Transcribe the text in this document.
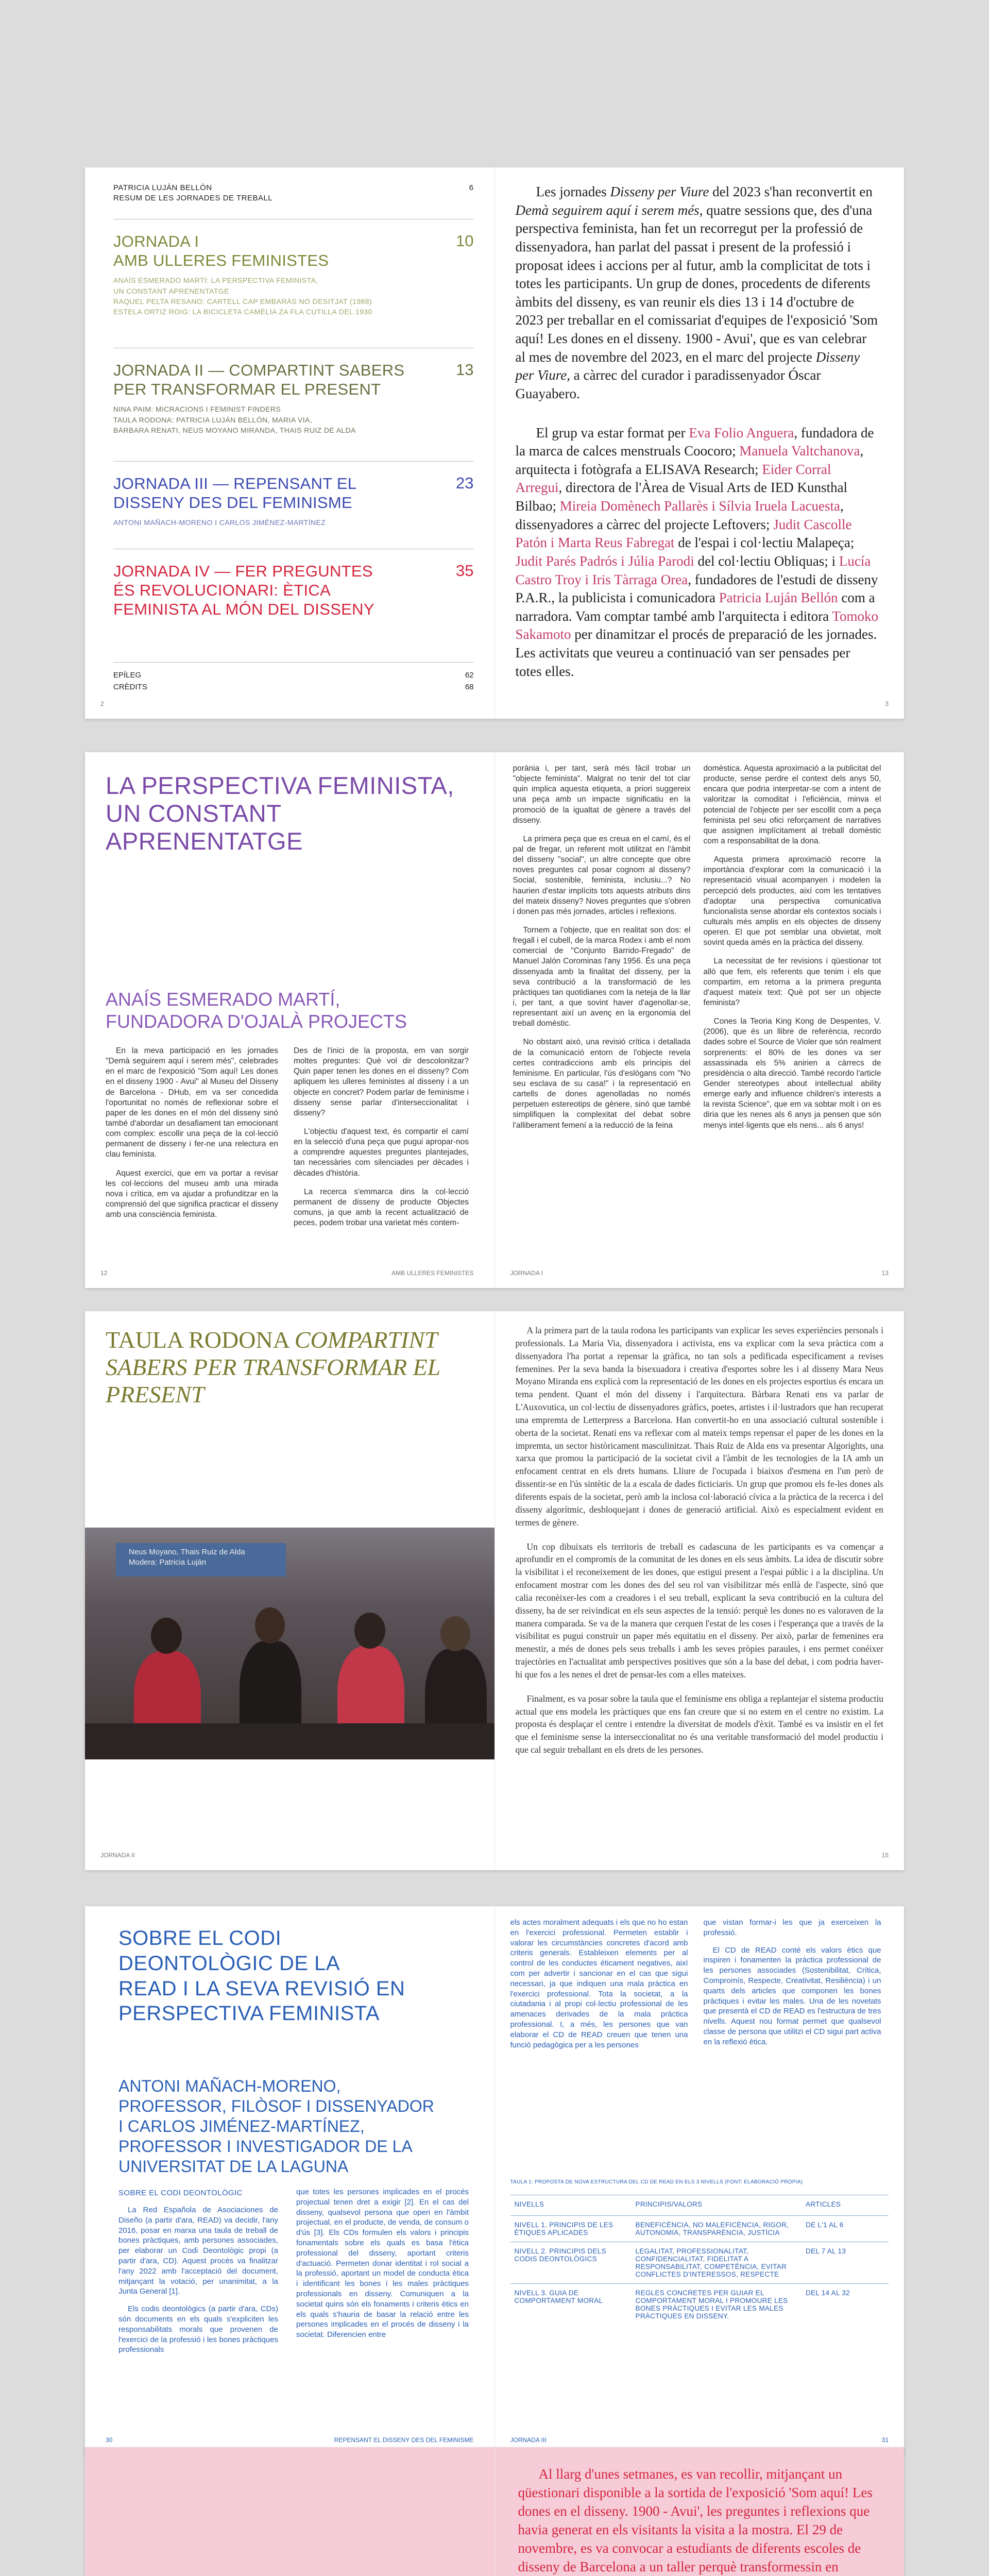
PATRICIA LUJÁN BELLÓN
RESUM DE LES JORNADES DE TREBALL
6
JORNADA I
AMB ULLERES FEMINISTES
10
ANAÍS ESMERADO MARTÍ: LA PERSPECTIVA FEMINISTA,
UN CONSTANT APRENENTATGE
RAQUEL PELTA RESANO: CARTELL CAP EMBARÀS NO DESITJAT (1988)
ESTELA ORTIZ ROIG: LA BICICLETA CAMÈLIA ZA FLA CUTILLA DEL 1930
JORNADA II — COMPARTINT SABERS
PER TRANSFORMAR EL PRESENT
13
NINA PAIM: MICRACIONS I FEMINIST FINDERS
TAULA RODONA: PATRICIA LUJÁN BELLÓN, MARIA VIA,
BÀRBARA RENATI, NEUS MOYANO MIRANDA, THAIS RUIZ DE ALDA
JORNADA III — REPENSANT EL
DISSENY DES DEL FEMINISME
23
ANTONI MAÑACH-MORENO I CARLOS JIMÉNEZ-MARTÍNEZ
JORNADA IV — FER PREGUNTES
ÉS REVOLUCIONARI: ÈTICA
FEMINISTA AL MÓN DEL DISSENY
35
EPÍLEG	62
CRÈDITS	68
2

Les jornades Disseny per Viure del 2023 s'han reconvertit en Demà seguirem aquí i serem més, quatre sessions que, des d'una perspectiva feminista, han fet un recorregut per la professió de dissenyadora, han parlat del passat i present de la professió i proposat idees i accions per al futur, amb la complicitat de tots i totes les participants. Un grup de dones, procedents de diferents àmbits del disseny, es van reunir els dies 13 i 14 d'octubre de 2023 per treballar en el comissariat d'equipes de l'exposició 'Som aquí! Les dones en el disseny. 1900 - Avui', que es van celebrar al mes de novembre del 2023, en el marc del projecte Disseny per Viure, a càrrec del curador i paradissenyador Óscar Guayabero.

El grup va estar format per Eva Folio Anguera, fundadora de la marca de calces menstruals Coocoro; Manuela Valtchanova, arquitecta i fotògrafa a ELISAVA Research; Eider Corral Arregui, directora de l'Àrea de Visual Arts de IED Kunsthal Bilbao; Mireia Domènech Pallarès i Sílvia Iruela Lacuesta, dissenyadores a càrrec del projecte Leftovers; Judit Cascolle Patón i Marta Reus Fabregat de l'espai i col·lectiu Malapeça; Judit Parés Padrós i Júlia Parodi del col·lectiu Obliquas; i Lucía Castro Troy i Iris Tàrraga Orea, fundadores de l'estudi de disseny P.A.R., la publicista i comunicadora Patricia Luján Bellón com a narradora. Vam comptar també amb l'arquitecta i editora Tomoko Sakamoto per dinamitzar el procés de preparació de les jornades. Les activitats que veureu a continuació van ser pensades per totes elles.

3
LA PERSPECTIVA FEMINISTA,
UN CONSTANT APRENENTATGE
ANAÍS ESMERADO MARTÍ,
FUNDADORA D'OJALÀ PROJECTS

En la meva participació en les jornades "Demà seguirem aquí i serem més", celebrades en el marc de l'exposició "Som aquí! Les dones en el disseny 1900 - Avui" al Museu del Disseny de Barcelona - DHub, em va ser concedida l'oportunitat no només de reflexionar sobre el paper de les dones en el món del disseny sinó també d'abordar un desafiament tan emocionant com complex: escollir una peça de la col·lecció permanent de disseny i fer-ne una relectura en clau feminista.

Aquest exercici, que em va portar a revisar les col·leccions del museu amb una mirada nova i crítica, em va ajudar a profunditzar en la comprensió del que significa practicar el disseny amb una consciència feminista.

Des de l'inici de la proposta, em van sorgir moltes preguntes: Què vol dir descolonitzar? Quin paper tenen les dones en el disseny? Com apliquem les ulleres feministes al disseny i a un objecte en concret? Podem parlar de feminisme i disseny sense parlar d'interseccionalitat i disseny?

L'objectiu d'aquest text, és compartir el camí en la selecció d'una peça que pugui apropar-nos a comprendre aquestes preguntes plantejades, tan necessàries com silenciades per dècades i dècades d'història.

La recerca s'emmarca dins la col·lecció permanent de disseny de producte Objectes comuns, ja que amb la recent actualització de peces, podem trobar una varietat més contem-

12	AMB ULLERES FEMINISTES

porània i, per tant, serà més fàcil trobar un "objecte feminista". Malgrat no tenir del tot clar quin implica aquesta etiqueta, a priori suggereix una peça amb un impacte significatiu en la promoció de la igualtat de gènere a través del disseny.

La primera peça que es creua en el camí, és el pal de fregar, un referent molt utilitzat en l'àmbit del disseny "social", un altre concepte que obre noves preguntes cal posar cognom al disseny? Social, sostenible, feminista, inclusiu...? No haurien d'estar implícits tots aquests atributs dins del mateix disseny? Noves preguntes que s'obren i donen pas més jornades, articles i reflexions.

Tornem a l'objecte, que en realitat son dos: el fregall i el cubell, de la marca Rodex i amb el nom comercial de "Conjunto Barrido-Fregado" de Manuel Jalón Corominas l'any 1956. És una peça dissenyada amb la finalitat del disseny, per la seva contribució a la transformació de les pràctiques tan quotidianes com la neteja de la llar i, per tant, a que sovint haver d'agenollar-se, representant així un avenç en la ergonomia del treball domèstic.

No obstant això, una revisió crítica i detallada de la comunicació entorn de l'objecte revela certes contradiccions amb els principis del feminisme. En particular, l'ús d'eslògans com "No seu esclava de su casa!" i la representació en cartells de dones agenolladas no només perpetuen estereotips de gènere, sinó que també simplifiquen la complexitat del debat sobre l'alliberament femení a la reducció de la feina

domèstica. Aquesta aproximació a la publicitat del producte, sense perdre el context dels anys 50, encara que podria interpretar-se com a intent de valoritzar la comoditat i l'eficiència, minva el potencial de l'objecte per ser escollit com a peça feminista pel seu ofici reforçament de narratives que assignen implícitament al treball domèstic com a responsabilitat de la dona.

Aquesta primera aproximació recorre la importància d'explorar com la comunicació i la representació visual acompanyen i modelen la percepció dels productes, així com les tentatives d'adoptar una perspectiva comunicativa funcionalista sense abordar els contextos socials i culturals més amplis en els objectes de disseny operen. El que pot semblar una obvietat, molt sovint queda amés en la pràctica del disseny.

La necessitat de fer revisions i qüestionar tot allò que fem, els referents que tenim i els que compartim, em retorna a la primera pregunta d'aquest mateix text: Què pot ser un objecte feminista?

Cones la Teoria King Kong de Despentes, V. (2006), que és un llibre de referència, recordo dades sobre el Source de Violer que són realment sorprenents: el 80% de les dones va ser assassinada els 5% anirien a càrrecs de presidència o alta direcció. També recordo l'article Gender stereotypes about intellectual ability emerge early and influence children's interests a la revista Science", que em va sobtar molt i on es diria que les nenes als 6 anys ja pensen que són menys intel·ligents que els nens... als 6 anys!

JORNADA I	13
TAULA RODONA COMPARTINT
SABERS PER TRANSFORMAR EL
PRESENT
Neus Moyano, Thais Ruiz de Alda
Modera: Patricia Luján
JORNADA II

A la primera part de la taula rodona les participants van explicar les seves experiències personals i professionals. La Maria Via, dissenyadora i activista, ens va explicar com la seva pràctica com a dissenyadora l'ha portat a repensar la gràfica, no tan sols a pedificada especificament a revises femenines. Per la seva banda la bisexuadora i creativa d'esportes sobre les i al disseny Mara Neus Moyano Miranda ens explicà com la representació de les dones en els projectes esportius és encara un tema pendent. Quant el món del disseny i l'arquitectura. Bàrbara Renati ens va parlar de L'Auxovutica, un col·lectiu de dissenyadores gràfics, poetes, artistes i il·lustradors que han recuperat una empremta de Letterpress a Barcelona. Han convertit-ho en una associació cultural sostenible i oberta de la societat. Renati ens va reflexar com al mateix temps repensar el paper de les dones en la impremta, un sector històricament masculinitzat. Thais Ruiz de Alda ens va presentar Algorights, una xarxa que promou la participació de la societat civil a l'àmbit de les tecnologies de la IA amb un enfocament centrat en els drets humans. Lliure de l'ocupada i biaixos d'esmena en l'un però de dissentir-se en l'ús sintètic de la a escala de dades ficticiaris. Un grup que promou els fe-les dones als diferents espais de la societat, però amb la inclosa col·laboració cívica a la pràctica de la recerca i del disseny algorítmic, desbloquejant i dones de generació artificial. Això es especialment evident en termes de gènere.

Un cop dibuixats els territoris de treball es cadascuna de les participants es va començar a aprofundir en el compromís de la comunitat de les dones en els seus àmbits. La idea de discutir sobre la visibilitat i el reconeixement de les dones, que estigui present a l'espai públic i a la disciplina. Un enfocament mostrar com les dones des del seu rol van visibilitzar més enllà de l'aspecte, sinó que calia reconèixer-les com a creadores i el seu treball, explicant la seva contribució en la cultura del disseny, ha de ser reivindicat en els seus aspectes de la tensió: perquè les dones no es valoraven de la manera comparada. Se va de la manera que cerquen l'estat de les coses i l'esperança que a través de la visibilitat es pugui construir un paper més equitatiu en el disseny. Per això, parlar de femenines era menestir, a més de dones pels seus treballs i amb les seves pròpies paraules, i ens permet conéixer trajectòries en l'actualitat amb perspectives positives que són a la base del debat, i com podria haver-hi que fos a les nenes el dret de pensar-les com a elles mateixes.

Finalment, es va posar sobre la taula que el feminisme ens obliga a replantejar el sistema productiu actual que ens modela les pràctiques que ens fan creure que si no estem en el centre no existim. La proposta és desplaçar el centre i entendre la diversitat de models d'èxit. També es va insistir en el fet que el feminisme sense la interseccionalitat no és una veritable transformació del model productiu i que cal seguir treballant en els drets de les persones.

15
SOBRE EL CODI
DEONTOLÒGIC DE LA
READ I LA SEVA REVISIÓ EN
PERSPECTIVA FEMINISTA
ANTONI MAÑACH-MORENO,
PROFESSOR, FILÒSOF I DISSENYADOR
I CARLOS JIMÉNEZ-MARTÍNEZ,
PROFESSOR I INVESTIGADOR DE LA
UNIVERSITAT DE LA LAGUNA
SOBRE EL CODI DEONTOLÒGIC

La Red Española de Asociaciones de Diseño (a partir d'ara, READ) va decidir, l'any 2016, posar en marxa una taula de treball de bones pràctiques, amb persones associades, per elaborar un Codi Deontològic propi (a partir d'ara, CD). Aquest procés va finalitzar l'any 2022 amb l'acceptació del document, mitjançant la votació, per unanimitat, a la Junta General [1].

Els codis deontològics (a partir d'ara, CDs) són documents en els quals s'expliciten les responsabilitats morals que provenen de l'exercici de la professió i les bones pràctiques professionals

que totes les persones implicades en el procés projectual tenen dret a exigir [2]. En el cas del disseny, qualsevol persona que operi en l'àmbit projectual, en el producte, de venda, de consum o d'ús [3]. Els CDs formulen els valors i principis fonamentals sobre els quals es basa l'ètica professional del disseny, aportant criteris d'actuació. Permeten donar identitat i rol social a la professió, aportant un model de conducta ètica i identificant les bones i les males pràctiques professionals en disseny. Comuniquen a la societat quins són els fonaments i criteris ètics en els quals s'hauria de basar la relació entre les persones implicades en el procés de disseny i la societat. Diferencien entre

30	REPENSANT EL DISSENY DES DEL FEMINISME

els actes moralment adequats i els que no ho estan en l'exercici professional. Permeten establir i valorar les circumstàncies concretes d'acord amb criteris generals. Estableixen elements per al control de les conductes èticament negatives, així com per advertir i sancionar en el cas que sigui necessari, ja que indiquen una mala pràctica en l'exercici professional. Tota la societat, a la ciutadania i al propi col·lectiu professional de les amenaces derivades de la mala pràctica professional. I, a més, les persones que van elaborar el CD de READ creuen que tenen una funció pedagògica per a les persones

que vistan formar-i les que ja exerceixen la professió.

El CD de READ conté els valors ètics que inspiren i fonamenten la pràctica professional de les persones associades (Sostenibilitat, Crítica, Compromís, Respecte, Creativitat, Resiliència) i un quarts dels articles que componen les bones pràctiques i evitar les males. Una de les novetats que presentà el CD de READ es l'estructura de tres nivells. Aquest nou format permet que qualsevol classe de persona que utilitzi el CD sigui part activa en la reflexió ètica.

TAULA 1: PROPOSTA DE NOVA ESTRUCTURA DEL CD DE READ EN ELS 3 NIVELLS (FONT: ELABORACIÓ PRÒPIA)
NIVELLS	PRINCIPIS/VALORS	ARTICLES
NIVELL 1. PRINCIPIS DE LES ÈTIQUES APLICADES	BENEFICÈNCIA, NO MALEFICÈNCIA, RIGOR, AUTONOMIA, TRANSPARÈNCIA, JUSTÍCIA	DE L'1 AL 6
NIVELL 2. PRINCIPIS DELS CODIS DEONTOLÒGICS	LEGALITAT, PROFESSIONALITAT, CONFIDENCIALITAT, FIDELITAT A RESPONSABILITAT, COMPETÈNCIA, EVITAR CONFLICTES D'INTERESSOS, RESPECTE	DEL 7 AL 13
NIVELL 3. GUIA DE COMPORTAMENT MORAL	REGLES CONCRETES PER GUIAR EL COMPORTAMENT MORAL I PROMOURE LES BONES PRÀCTIQUES I EVITAR LES MALES PRÀCTIQUES EN DISSENY.	DEL 14 AL 32
JORNADA III	31

Al llarg d'unes setmanes, es van recollir, mitjançant un qüestionari disponible a la sortida de l'exposició 'Som aquí! Les dones en el disseny. 1900 - Avui', les preguntes i reflexions que havia generat en els visitants la visita a la mostra. El 29 de novembre, es va convocar a estudiants de diferents escoles de disseny de Barcelona a un taller perquè transformessin en
